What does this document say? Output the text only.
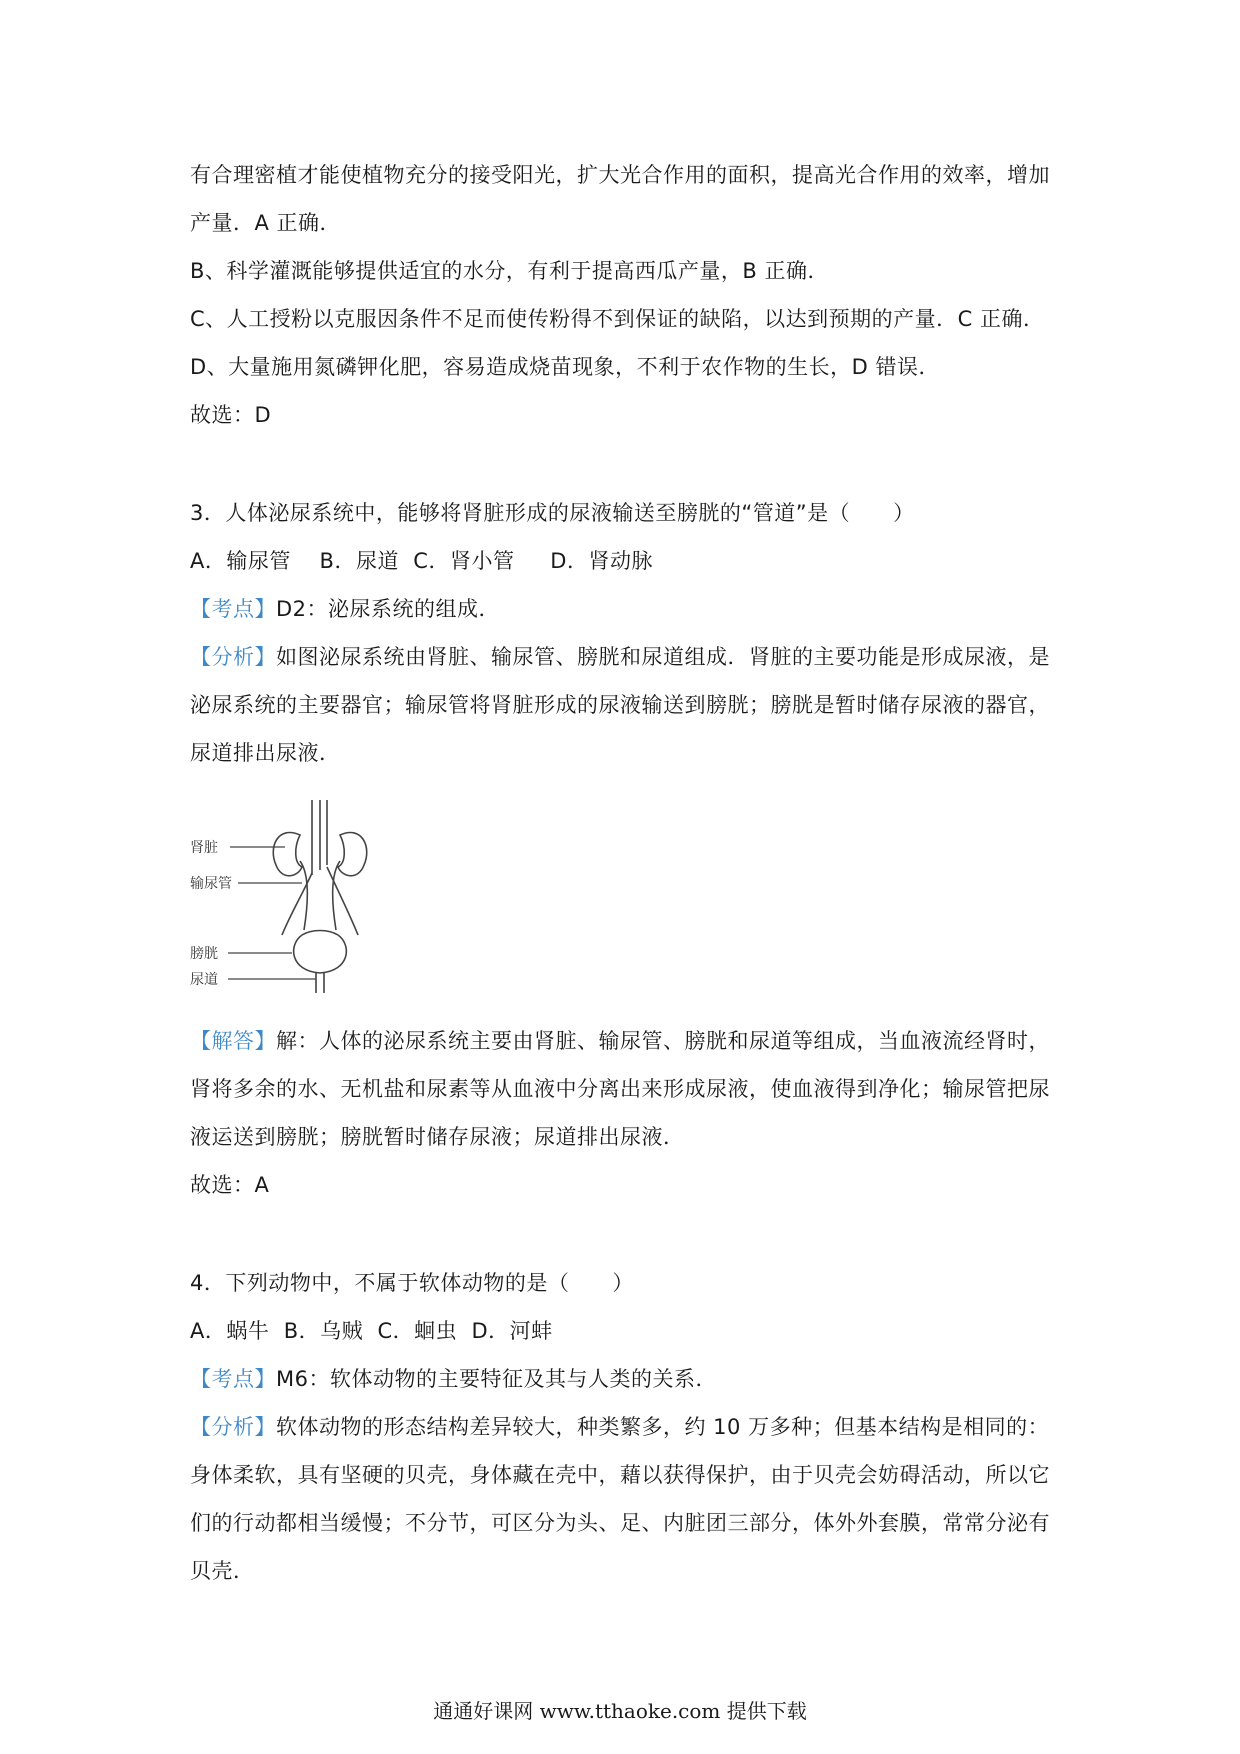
有合理密植才能使植物充分的接受阳光，扩大光合作用的面积，提高光合作用的效率，增加
产量．A 正确．
B、科学灌溉能够提供适宜的水分，有利于提高西瓜产量，B 正确．
C、人工授粉以克服因条件不足而使传粉得不到保证的缺陷，以达到预期的产量．C 正确．
D、大量施用氮磷钾化肥，容易造成烧苗现象，不利于农作物的生长，D 错误．
故选：D
3．人体泌尿系统中，能够将肾脏形成的尿液输送至膀胱的“管道”是（　　）
A．输尿管　 B．尿道  C．肾小管　  D．肾动脉
【考点】D2：泌尿系统的组成．
【分析】如图泌尿系统由肾脏、输尿管、膀胱和尿道组成．肾脏的主要功能是形成尿液，是
泌尿系统的主要器官；输尿管将肾脏形成的尿液输送到膀胱；膀胱是暂时储存尿液的器官，
尿道排出尿液．
肾脏
输尿管
膀胱
尿道
【解答】解：人体的泌尿系统主要由肾脏、输尿管、膀胱和尿道等组成，当血液流经肾时，
肾将多余的水、无机盐和尿素等从血液中分离出来形成尿液，使血液得到净化；输尿管把尿
液运送到膀胱；膀胱暂时储存尿液；尿道排出尿液．
故选：A
4．下列动物中，不属于软体动物的是（　　）
A．蜗牛  B．乌贼  C．蛔虫  D．河蚌
【考点】M6：软体动物的主要特征及其与人类的关系．
【分析】软体动物的形态结构差异较大，种类繁多，约 10 万多种；但基本结构是相同的：
身体柔软，具有坚硬的贝壳，身体藏在壳中，藉以获得保护，由于贝壳会妨碍活动，所以它
们的行动都相当缓慢；不分节，可区分为头、足、内脏团三部分，体外外套膜，常常分泌有
贝壳．
通通好课网 www.tthaoke.com 提供下载
